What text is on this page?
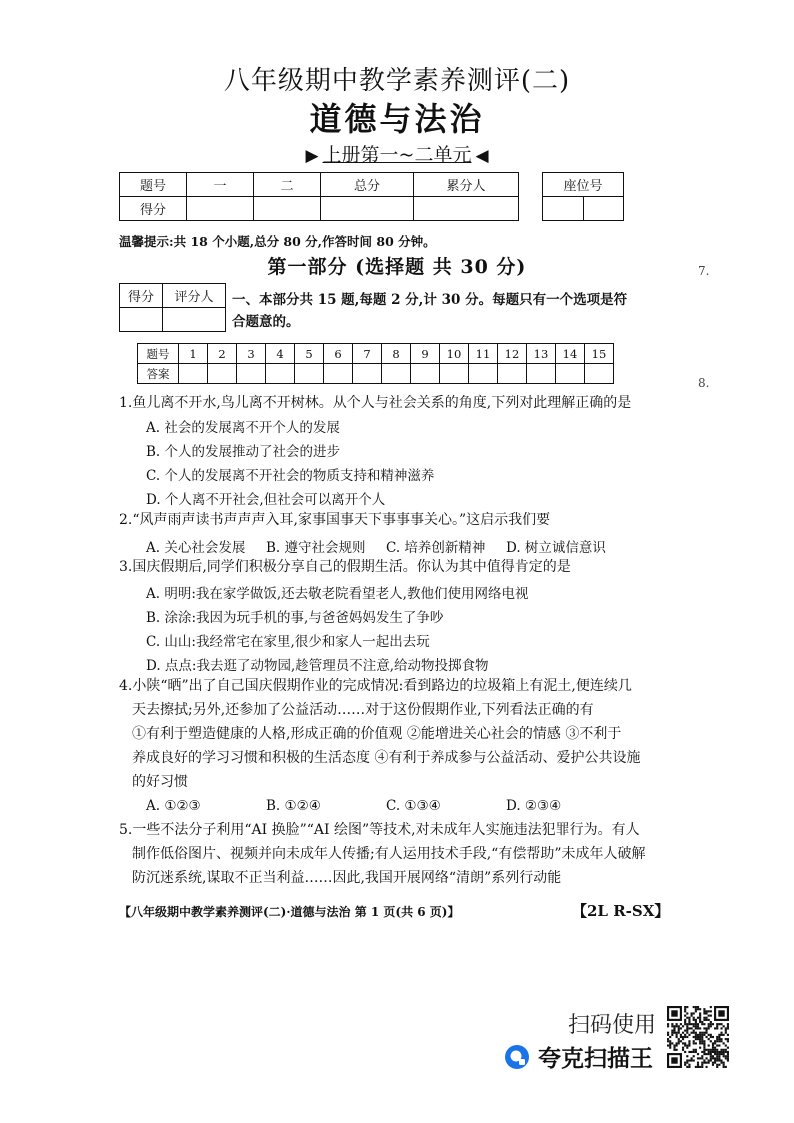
八年级期中教学素养测评(二)
道德与法治
▶ 上册第一~二单元 ◀
题号	一	二	总分	累分人
得分				
座位号

温馨提示:共 18 个小题,总分 80 分,作答时间 80 分钟。
第一部分 (选择题 共 30 分)
得分	评分人
	一、本部分共 15 题,每题 2 分,计 30 分。每题只有一个选项是符合题意的。
题号	1	2	3	4	5	6	7	8	9	10	11	12	13	14	15
答案															
1.鱼儿离不开水,鸟儿离不开树林。从个人与社会关系的角度,下列对此理解正确的是
A. 社会的发展离不开个人的发展
B. 个人的发展推动了社会的进步
C. 个人的发展离不开社会的物质支持和精神滋养
D. 个人离不开社会,但社会可以离开个人
2.“风声雨声读书声声声入耳,家事国事天下事事事关心。”这启示我们要
A. 关心社会发展	B. 遵守社会规则	C. 培养创新精神	D. 树立诚信意识
3.国庆假期后,同学们积极分享自己的假期生活。你认为其中值得肯定的是
A. 明明:我在家学做饭,还去敬老院看望老人,教他们使用网络电视
B. 涂涂:我因为玩手机的事,与爸爸妈妈发生了争吵
C. 山山:我经常宅在家里,很少和家人一起出去玩
D. 点点:我去逛了动物园,趁管理员不注意,给动物投掷食物
4.小陕“晒”出了自己国庆假期作业的完成情况:看到路边的垃圾箱上有泥土,便连续几
天去擦拭;另外,还参加了公益活动……对于这份假期作业,下列看法正确的有
①有利于塑造健康的人格,形成正确的价值观 ②能增进关心社会的情感 ③不利于
养成良好的学习习惯和积极的生活态度 ④有利于养成参与公益活动、爱护公共设施
的好习惯
A. ①②③	B. ①②④	C. ①③④	D. ②③④
5.一些不法分子利用“AI 换脸”“AI 绘图”等技术,对未成年人实施违法犯罪行为。有人
制作低俗图片、视频并向未成年人传播;有人运用技术手段,“有偿帮助”未成年人破解
防沉迷系统,谋取不正当利益……因此,我国开展网络“清朗”系列行动能
【八年级期中教学素养测评(二)·道德与法治 第 1 页(共 6 页)】	【2L R-SX】
7.
8.
扫码使用
夸克扫描王
